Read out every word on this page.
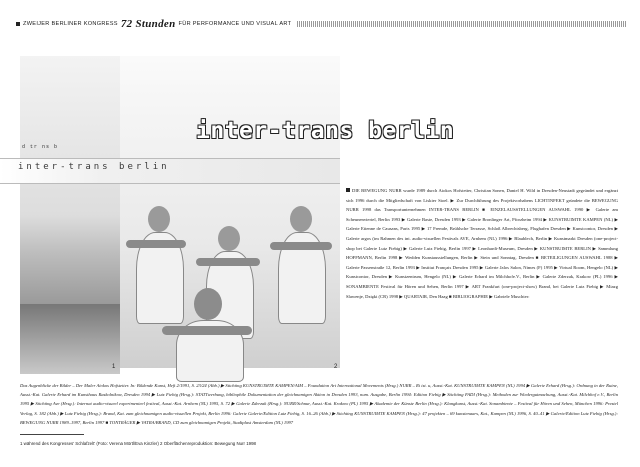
ZWEIJER BERLINER KONGRESS 72 Stunden FÜR PERFORMANCE UND VISUAL ART
d tr ns b
inter-trans berlin
1	2
inter-trans berlin
DIE BEWEGUNG NURR wurde 1989 durch Aiokos Hofstetter, Christian Sonen, Daniel H. Wild in Dresden-Neustadt gegründet und ergänzt sich 1996 durch die Mitgliedschaft von Liskier Stoel. ▶ Zur Durchführung des Projektvorhabens LICHTINFEKT gründete die BEWEGUNG NURR 1998 das Transportunternehmen INTER-TRANS BERLIN ■ EINZELAUSSTELLUNGEN AUSWAHL 1990 ▶ Galerie am Scheunenviertel, Berlin 1993 ▶ Galerie Baste, Dresden 1993 ▶ Galerie Bronlinger Art, Pforzheim 1994 ▶ KUNSTRUIMTE KAMPEN (NL) ▶ Galerie Etienne de Causans, Paris 1995 ▶ 17 Fremde, Brühlsche Terrasse, Schloß Albrechtsberg, Flughafen Dresden ▶ Kunstcontor, Dresden ▶ Galerie argos (im Rahmen des int. audio-visuellen Festivals AVE, Arnhem (NL) 1996 ▶ Blaublech, Berlin ▶ Kunstmarkt Dresden (one-project-shop bei Galerie Lutz Fiebig) ▶ Galerie Lutz Fiebig, Berlin 1997 ▶ Leonhardi-Museum, Dresden ▶ KUNSTRUIMTE BERLIN ▶ Sammlung HOFFMANN, Berlin 1998 ▶ Wedden Kunstausstellungen, Berlin ▶ Stein und Sonntag, Dresden ■ BETEILIGUNGEN AUSWAHL 1988 ▶ Galerie Passenstraße 12, Berlin 1993 ▶ Institut Français Dresden 1995 ▶ Galerie Jalos Salon, Nimes (F) 1995 ▶ Virtual Room, Hengelo (NL) ▶ Kunstcontor, Dresden ▶ Kunstzentrum, Hengelo (NL) ▶ Galerie Erhard im Milchhofe.V., Berlin ▶ Galerie Zderzak, Krakow (PL) 1996 ▶ SONAMBIENTE Festival für Hören und Sehen, Berlin 1997 ▶ ART Frankfurt (one-project-show) Brand, bei Galerie Lutz Fiebig ▶ Miazg Slawenje, Dzięki (CR) 1998 ▶ QUARTAIR, Den Haag ■ BIBLIOGRAPHIE ▶ Gabriele Muschter:
Das Augenblicke der Bilder – Der Maler Aiokos Hofstetter. In: Bildende Kunst, Heft 2/1991, S. 23/24 (Abb.) ▶ Stichting KUNSTRUIMTE KAMPEN/AIM – Foundation Art International Movements (Hrsg.) NURR – Ri ist. u, Ausst.-Kat. KUNSTRUIMTE KAMPEN (NL) 1994 ▶ Galerie Erhard (Hrsg.): Ordnung in der Ruine, Ausst.-Kat. Galerie Erhard im Kunsthaus Raskolnikow, Dresden 1994 ▶ Lutz Fiebig (Hrsg.): STATTwerbung, bibliophile Dokumentation der gleichnamigen Aktion in Dresden 1993, num. Ausgabe, Berlin 1994: Edition Fiebig ▶ Stichting FADI (Hrsg.): Methoden zur Wiedergutmachung, Ausst.-Kat. Milchhof e.V., Berlin 1995 ▶ Stichting Ave (Hrsg.): Internat audio-visueel experimenteel festival, Ausst.-Kat. Arnhem (NL) 1995, S. 72 ▶ Galerie Zderzak (Hrsg.): NURR/Schnur, Ausst.-Kat. Krakow (PL) 1995 ▶ Akademie der Künste Berlin (Hrsg.): Klangkunst, Ausst.-Kat. Sonambiente – Festival für Hören und Sehen, München 1996: Prestel Verlag, S. 182 (Abb.) ▶ Lutz Fiebig (Hrsg.): Brand, Kat. zum gleichnamigen audio-visuellen Projekt, Berlin 1996: Galerie Galerie/Edition Lutz Fiebig, S. 16–26 (Abb.) ▶ Stichting KUNSTRUIMTE KAMPEN (Hrsg.): 47 projekten – 69 kunstenaars, Kat., Kampen (NL) 1996, S. 40–41 ▶ Galerie/Edition Lutz Fiebig (Hrsg.): BEWEGUNG NURR 1989–1997, Berlin 1997 ■ TONTRÄGER ▶ VATRA/BRAND, CD zum gleichnamigen Projekt, Stadtplast Amsterdam (NL) 1997
1 während des Kongresses' Schlafzelt' (Foto: Verena Mörtl/Eva Kinzler) 2 Oberflächenreproduktion: Bewegung Nurr 1998
